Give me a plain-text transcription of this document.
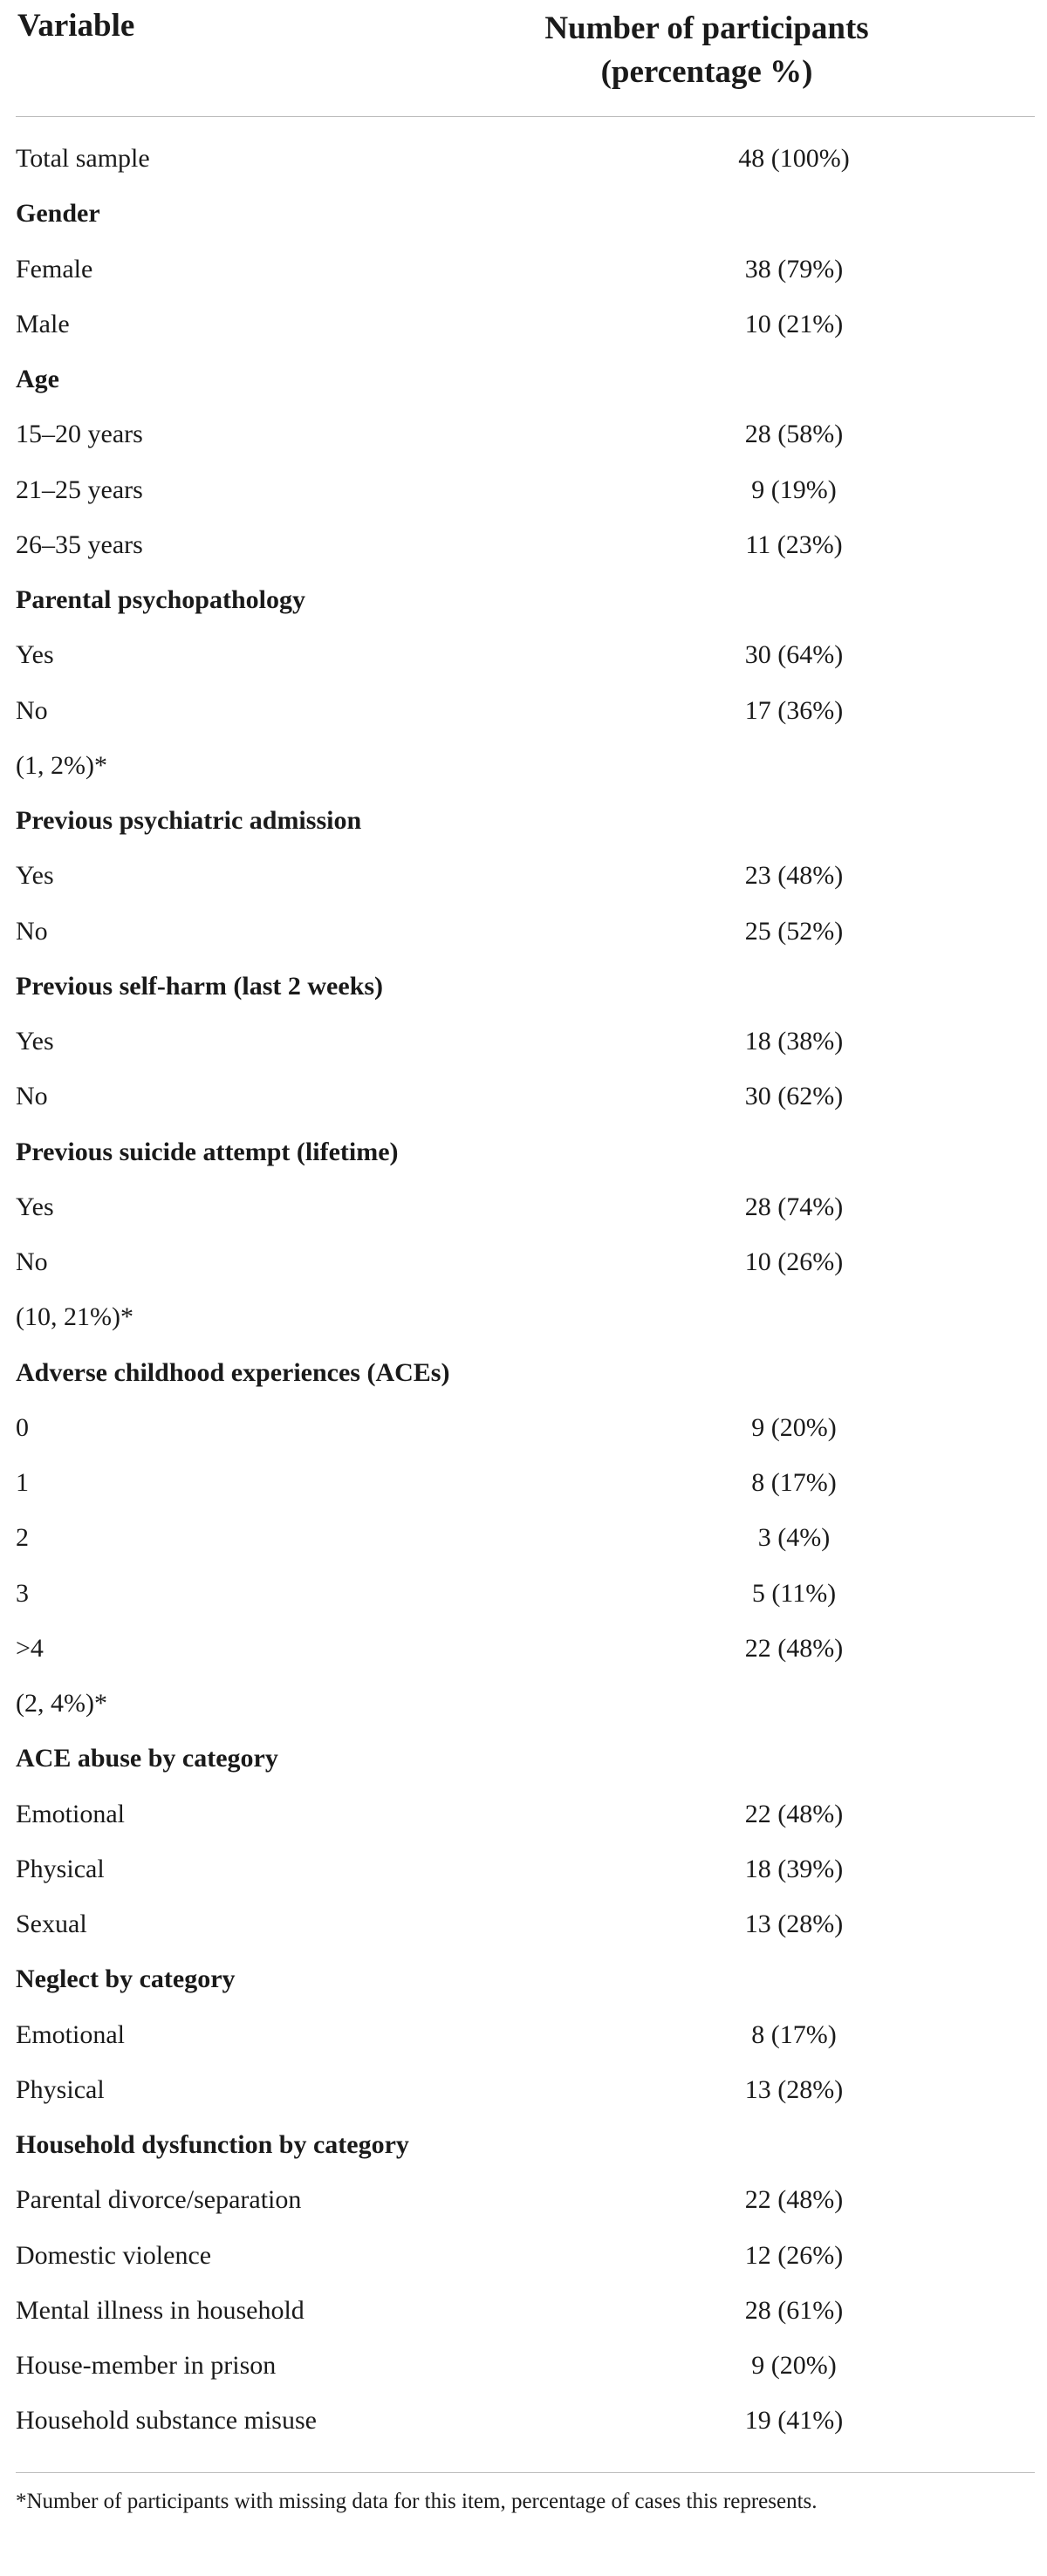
Variable	Number of participants
(percentage %)
Total sample	48 (100%)
Gender
Female	38 (79%)
Male	10 (21%)
Age
15–20 years	28 (58%)
21–25 years	9 (19%)
26–35 years	11 (23%)
Parental psychopathology
Yes	30 (64%)
No	17 (36%)
(1, 2%)*
Previous psychiatric admission
Yes	23 (48%)
No	25 (52%)
Previous self-harm (last 2 weeks)
Yes	18 (38%)
No	30 (62%)
Previous suicide attempt (lifetime)
Yes	28 (74%)
No	10 (26%)
(10, 21%)*
Adverse childhood experiences (ACEs)
0	9 (20%)
1	8 (17%)
2	3 (4%)
3	5 (11%)
>4	22 (48%)
(2, 4%)*
ACE abuse by category
Emotional	22 (48%)
Physical	18 (39%)
Sexual	13 (28%)
Neglect by category
Emotional	8 (17%)
Physical	13 (28%)
Household dysfunction by category
Parental divorce/separation	22 (48%)
Domestic violence	12 (26%)
Mental illness in household	28 (61%)
House-member in prison	9 (20%)
Household substance misuse	19 (41%)
*Number of participants with missing data for this item, percentage of cases this represents.
